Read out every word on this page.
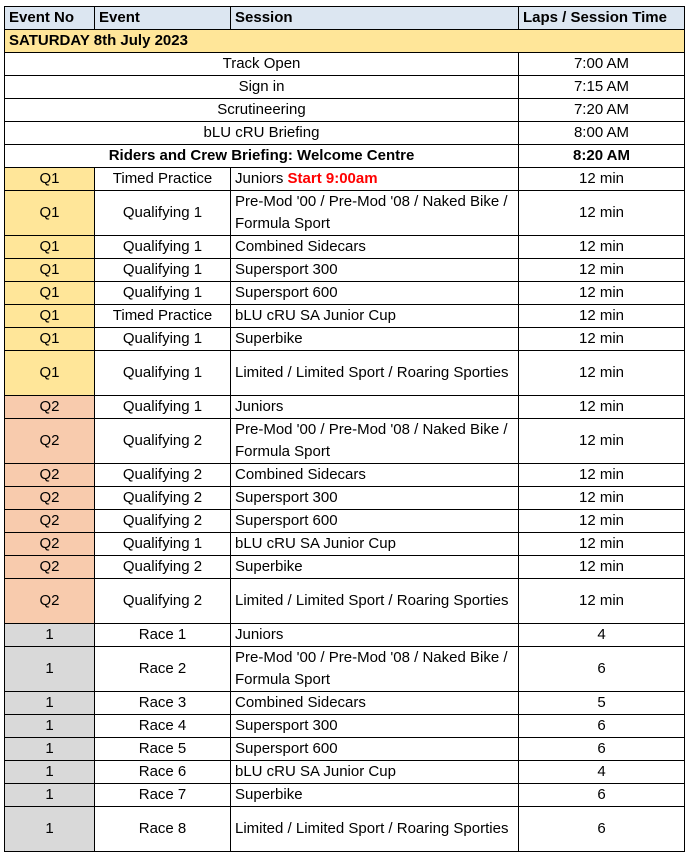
Event No	Event	Session	Laps / Session Time
SATURDAY 8th July 2023			
Track Open			7:00 AM
Sign in			7:15 AM
Scrutineering			7:20 AM
bLU cRU Briefing			8:00 AM
Riders and Crew Briefing: Welcome Centre			8:20 AM
Q1	Timed Practice	Juniors Start 9:00am	12 min
Q1	Qualifying 1	Pre-Mod '00 / Pre-Mod '08 / Naked Bike / Formula Sport	12 min
Q1	Qualifying 1	Combined Sidecars	12 min
Q1	Qualifying 1	Supersport 300	12 min
Q1	Qualifying 1	Supersport 600	12 min
Q1	Timed Practice	bLU cRU SA Junior Cup	12 min
Q1	Qualifying 1	Superbike	12 min
Q1	Qualifying 1	Limited / Limited Sport / Roaring Sporties	12 min
Q2	Qualifying 1	Juniors	12 min
Q2	Qualifying 2	Pre-Mod '00 / Pre-Mod '08 / Naked Bike / Formula Sport	12 min
Q2	Qualifying 2	Combined Sidecars	12 min
Q2	Qualifying 2	Supersport 300	12 min
Q2	Qualifying 2	Supersport 600	12 min
Q2	Qualifying 1	bLU cRU SA Junior Cup	12 min
Q2	Qualifying 2	Superbike	12 min
Q2	Qualifying 2	Limited / Limited Sport / Roaring Sporties	12 min
1	Race 1	Juniors	4
1	Race 2	Pre-Mod '00 / Pre-Mod '08 / Naked Bike / Formula Sport	6
1	Race 3	Combined Sidecars	5
1	Race 4	Supersport 300	6
1	Race 5	Supersport 600	6
1	Race 6	bLU cRU SA Junior Cup	4
1	Race 7	Superbike	6
1	Race 8	Limited / Limited Sport / Roaring Sporties	6
